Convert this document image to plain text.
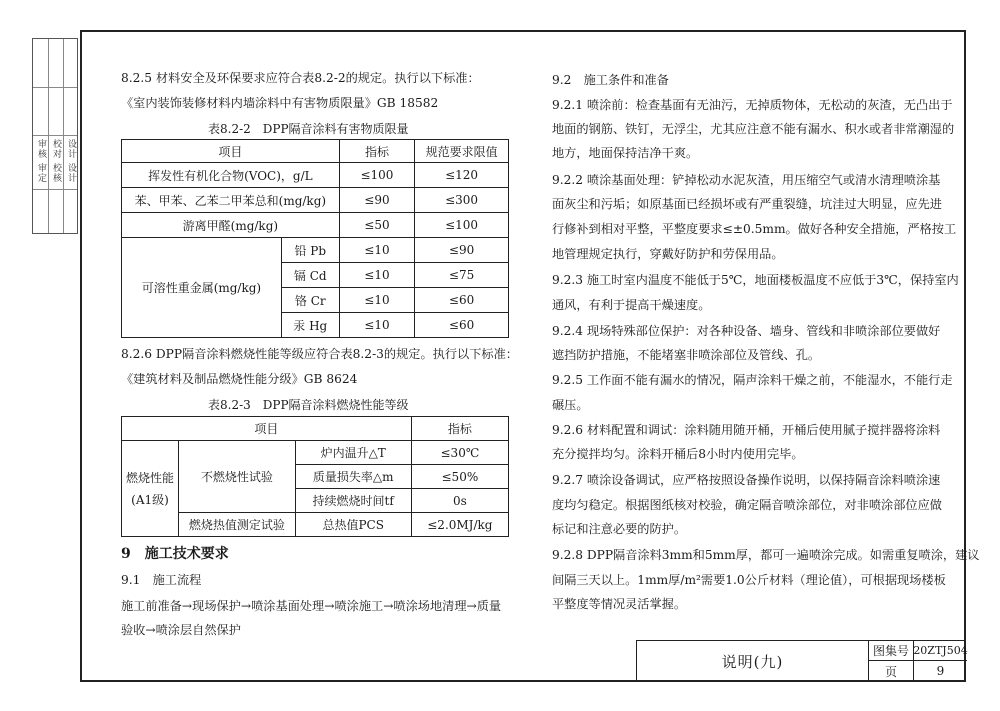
审核 审定 校对 校核 设计 设计
8.2.5 材料安全及环保要求应符合表8.2-2的规定。执行以下标准：
《室内装饰装修材料内墙涂料中有害物质限量》GB 18582
表8.2-2　DPP隔音涂料有害物质限量
项目		指标	规范要求限值
挥发性有机化合物(VOC)，g/L		≤100	≤120
苯、甲苯、乙苯二甲苯总和(mg/kg)		≤90	≤300
游离甲醛(mg/kg)		≤50	≤100
可溶性重金属(mg/kg)	铅 Pb	≤10	≤90
	镉 Cd	≤10	≤75
	铬 Cr	≤10	≤60
	汞 Hg	≤10	≤60
8.2.6 DPP隔音涂料燃烧性能等级应符合表8.2-3的规定。执行以下标准：
《建筑材料及制品燃烧性能分级》GB 8624
表8.2-3　DPP隔音涂料燃烧性能等级
项目			指标

燃烧性能
(A1级)	不燃烧性试验	炉内温升△T	≤30℃
		质量损失率△m	≤50%
		持续燃烧时间tf	0s
	燃烧热值测定试验	总热值PCS	≤2.0MJ/kg
9　施工技术要求
9.1　施工流程
施工前准备→现场保护→喷涂基面处理→喷涂施工→喷涂场地清理→质量
验收→喷涂层自然保护
9.2　施工条件和准备
9.2.1 喷涂前：检查基面有无油污，无掉质物体，无松动的灰渣，无凸出于
地面的钢筋、铁钉，无浮尘，尤其应注意不能有漏水、积水或者非常潮湿的
地方，地面保持洁净干爽。
9.2.2 喷涂基面处理：铲掉松动水泥灰渣，用压缩空气或清水清理喷涂基
面灰尘和污垢；如原基面已经损坏或有严重裂缝，坑洼过大明显，应先进
行修补到相对平整，平整度要求≤±0.5mm。做好各种安全措施，严格按工
地管理规定执行，穿戴好防护和劳保用品。
9.2.3 施工时室内温度不能低于5℃，地面楼板温度不应低于3℃，保持室内
通风，有利于提高干燥速度。
9.2.4 现场特殊部位保护：对各种设备、墙身、管线和非喷涂部位要做好
遮挡防护措施，不能堵塞非喷涂部位及管线、孔。
9.2.5 工作面不能有漏水的情况，隔声涂料干燥之前，不能湿水，不能行走
碾压。
9.2.6 材料配置和调试：涂料随用随开桶，开桶后使用腻子搅拌器将涂料
充分搅拌均匀。涂料开桶后8小时内使用完毕。
9.2.7 喷涂设备调试，应严格按照设备操作说明，以保持隔音涂料喷涂速
度均匀稳定。根据图纸核对校验，确定隔音喷涂部位，对非喷涂部位应做
标记和注意必要的防护。
9.2.8 DPP隔音涂料3mm和5mm厚，都可一遍喷涂完成。如需重复喷涂，建议
间隔三天以上。1mm厚/m²需要1.0公斤材料（理论值），可根据现场楼板
平整度等情况灵活掌握。
说明(九)
图集号 20ZTJ504
页	9
